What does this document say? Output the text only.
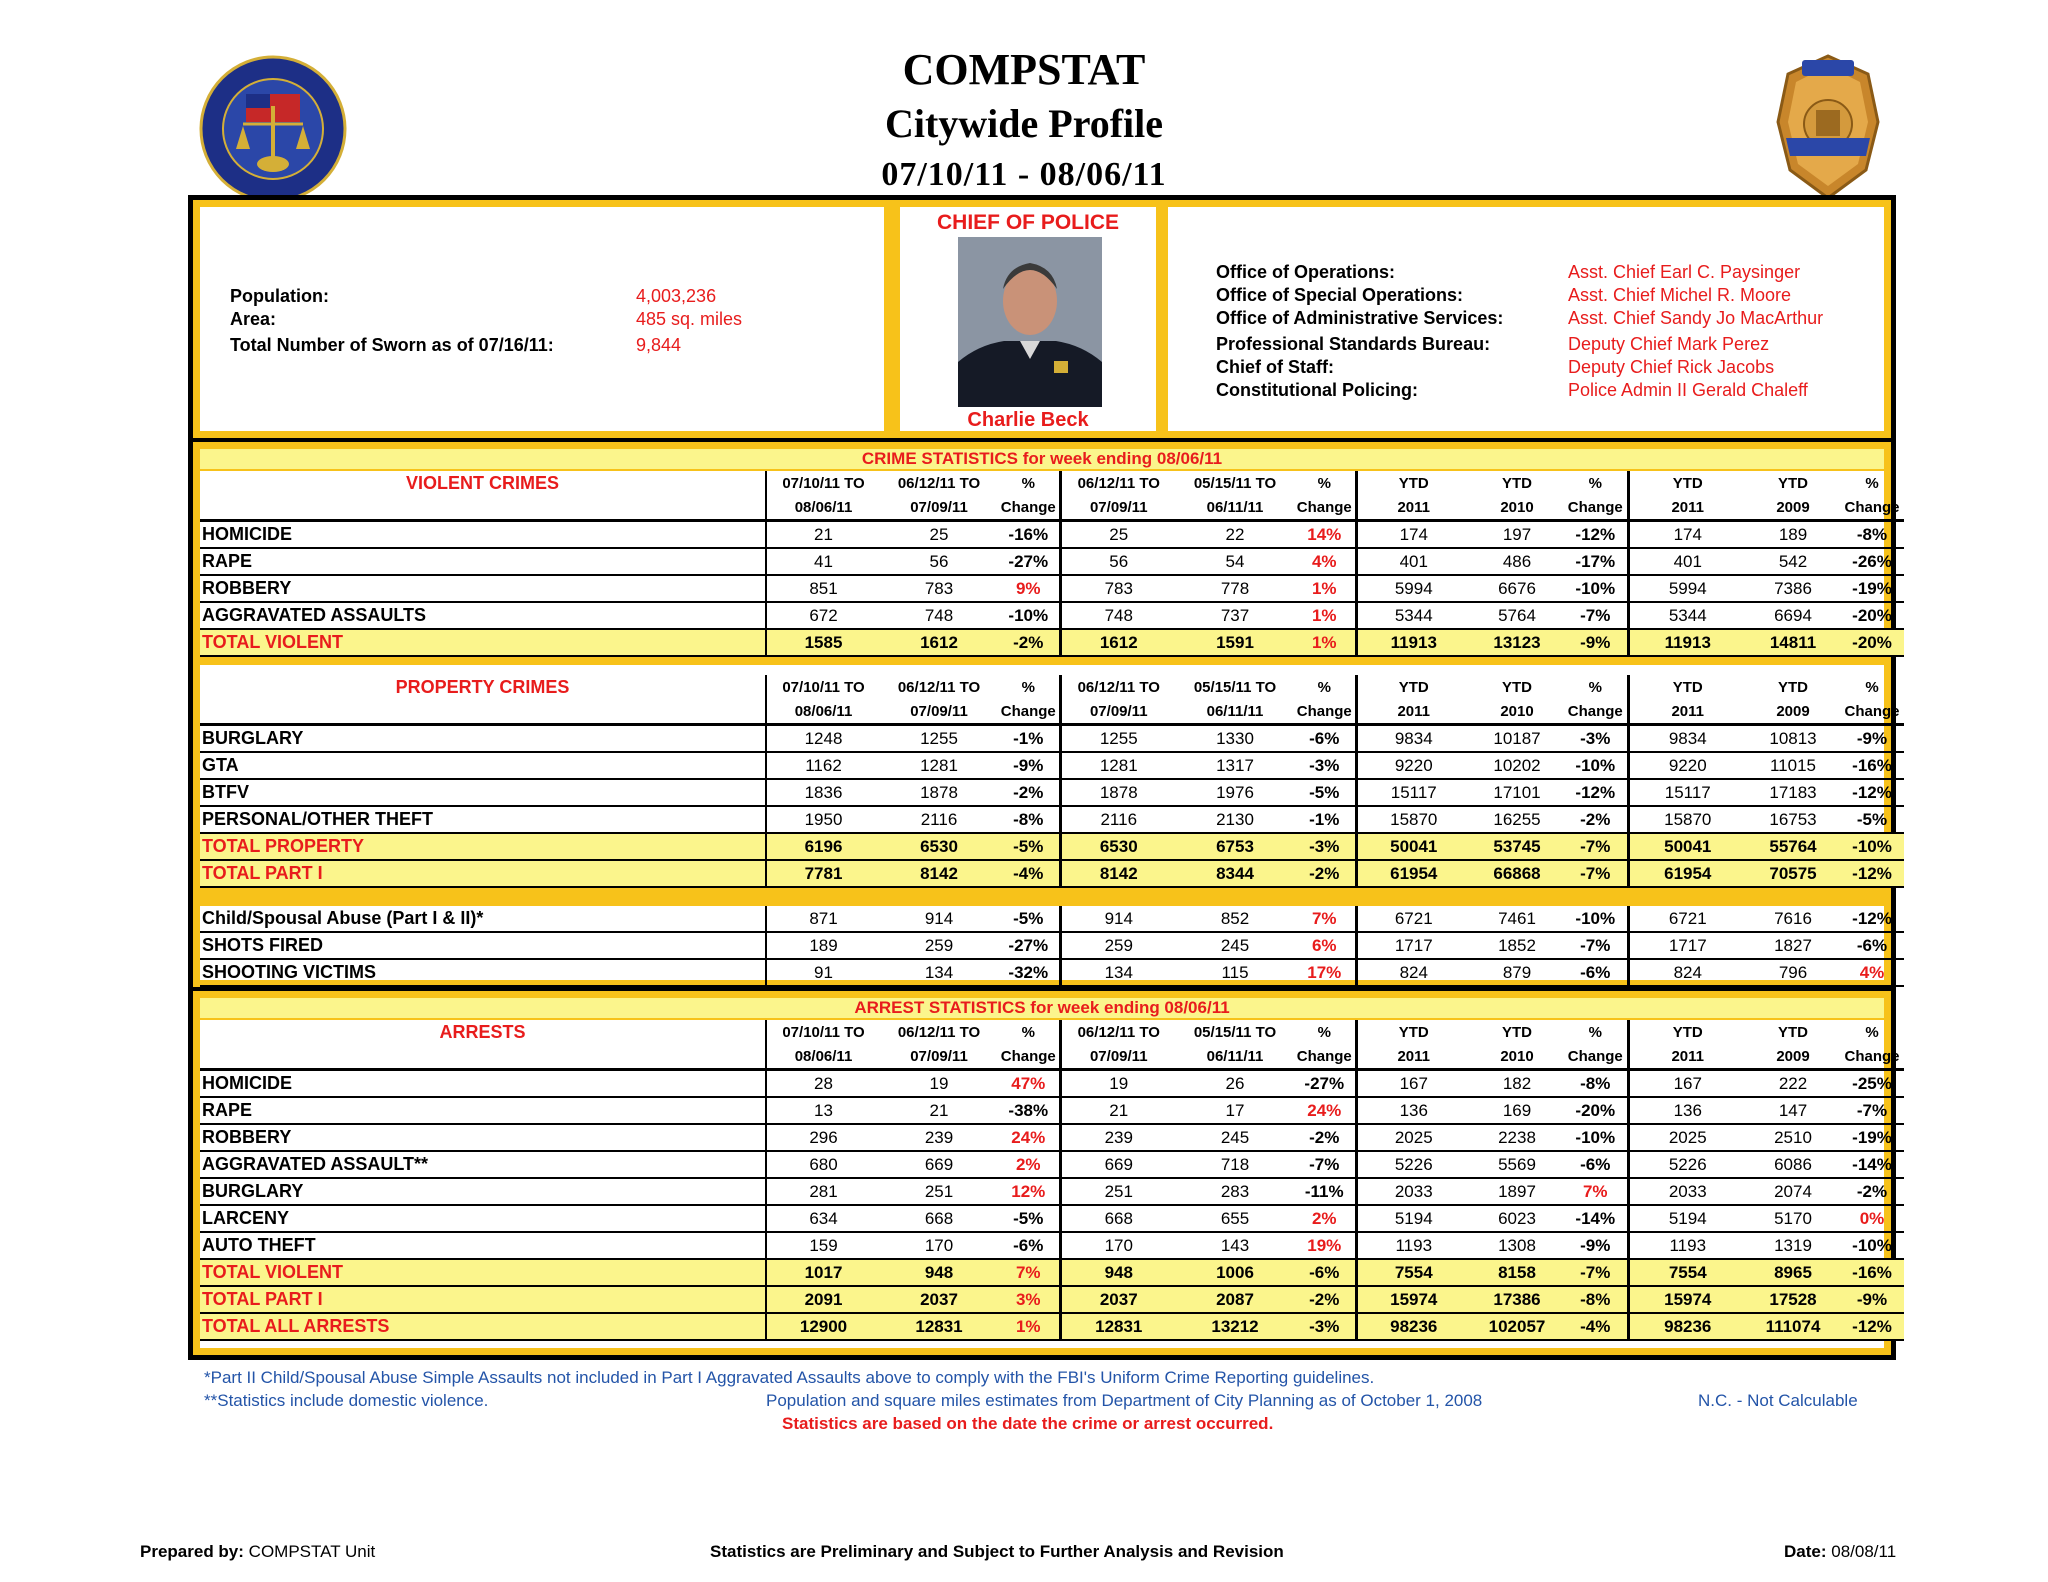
COMPSTAT
Citywide Profile
07/10/11 - 08/06/11
Population:	4,003,236
Area:	485 sq. miles
Total Number of Sworn as of 07/16/11:	9,844
CHIEF OF POLICE
Charlie Beck
Office of Operations:	Asst. Chief Earl C. Paysinger
Office of Special Operations:	Asst. Chief Michel R. Moore
Office of Administrative Services:	Asst. Chief Sandy Jo MacArthur
Professional Standards Bureau:	Deputy Chief Mark Perez
Chief of Staff:	Deputy Chief Rick Jacobs
Constitutional Policing:	Police Admin II Gerald Chaleff
CRIME STATISTICS for week ending 08/06/11
VIOLENT CRIMES	07/10/11 TO	06/12/11 TO	%	06/12/11 TO	05/15/11 TO	%	YTD	YTD	%	YTD	YTD	%
	08/06/11	07/09/11	Change	07/09/11	06/11/11	Change	2011	2010	Change	2011	2009	Change
HOMICIDE	21	25	-16%	25	22	14%	174	197	-12%	174	189	-8%
RAPE	41	56	-27%	56	54	4%	401	486	-17%	401	542	-26%
ROBBERY	851	783	9%	783	778	1%	5994	6676	-10%	5994	7386	-19%
AGGRAVATED ASSAULTS	672	748	-10%	748	737	1%	5344	5764	-7%	5344	6694	-20%
TOTAL VIOLENT	1585	1612	-2%	1612	1591	1%	11913	13123	-9%	11913	14811	-20%
PROPERTY CRIMES	07/10/11 TO	06/12/11 TO	%	06/12/11 TO	05/15/11 TO	%	YTD	YTD	%	YTD	YTD	%
	08/06/11	07/09/11	Change	07/09/11	06/11/11	Change	2011	2010	Change	2011	2009	Change
BURGLARY	1248	1255	-1%	1255	1330	-6%	9834	10187	-3%	9834	10813	-9%
GTA	1162	1281	-9%	1281	1317	-3%	9220	10202	-10%	9220	11015	-16%
BTFV	1836	1878	-2%	1878	1976	-5%	15117	17101	-12%	15117	17183	-12%
PERSONAL/OTHER THEFT	1950	2116	-8%	2116	2130	-1%	15870	16255	-2%	15870	16753	-5%
TOTAL PROPERTY	6196	6530	-5%	6530	6753	-3%	50041	53745	-7%	50041	55764	-10%
TOTAL PART I	7781	8142	-4%	8142	8344	-2%	61954	66868	-7%	61954	70575	-12%
Child/Spousal Abuse (Part I & II)*	871	914	-5%	914	852	7%	6721	7461	-10%	6721	7616	-12%
SHOTS FIRED	189	259	-27%	259	245	6%	1717	1852	-7%	1717	1827	-6%
SHOOTING VICTIMS	91	134	-32%	134	115	17%	824	879	-6%	824	796	4%
ARREST STATISTICS for week ending 08/06/11
ARRESTS	07/10/11 TO	06/12/11 TO	%	06/12/11 TO	05/15/11 TO	%	YTD	YTD	%	YTD	YTD	%
	08/06/11	07/09/11	Change	07/09/11	06/11/11	Change	2011	2010	Change	2011	2009	Change
HOMICIDE	28	19	47%	19	26	-27%	167	182	-8%	167	222	-25%
RAPE	13	21	-38%	21	17	24%	136	169	-20%	136	147	-7%
ROBBERY	296	239	24%	239	245	-2%	2025	2238	-10%	2025	2510	-19%
AGGRAVATED ASSAULT**	680	669	2%	669	718	-7%	5226	5569	-6%	5226	6086	-14%
BURGLARY	281	251	12%	251	283	-11%	2033	1897	7%	2033	2074	-2%
LARCENY	634	668	-5%	668	655	2%	5194	6023	-14%	5194	5170	0%
AUTO THEFT	159	170	-6%	170	143	19%	1193	1308	-9%	1193	1319	-10%
TOTAL VIOLENT	1017	948	7%	948	1006	-6%	7554	8158	-7%	7554	8965	-16%
TOTAL PART I	2091	2037	3%	2037	2087	-2%	15974	17386	-8%	15974	17528	-9%
TOTAL ALL ARRESTS	12900	12831	1%	12831	13212	-3%	98236	102057	-4%	98236	111074	-12%
*Part II Child/Spousal Abuse Simple Assaults not included in Part I Aggravated Assaults above to comply with the FBI's Uniform Crime Reporting guidelines.
**Statistics include domestic violence.	Population and square miles estimates from Department of City Planning as of October 1, 2008	N.C. - Not Calculable
Statistics are based on the date the crime or arrest occurred.
Prepared by: COMPSTAT Unit	Statistics are Preliminary and Subject to Further Analysis and Revision	Date: 08/08/11
